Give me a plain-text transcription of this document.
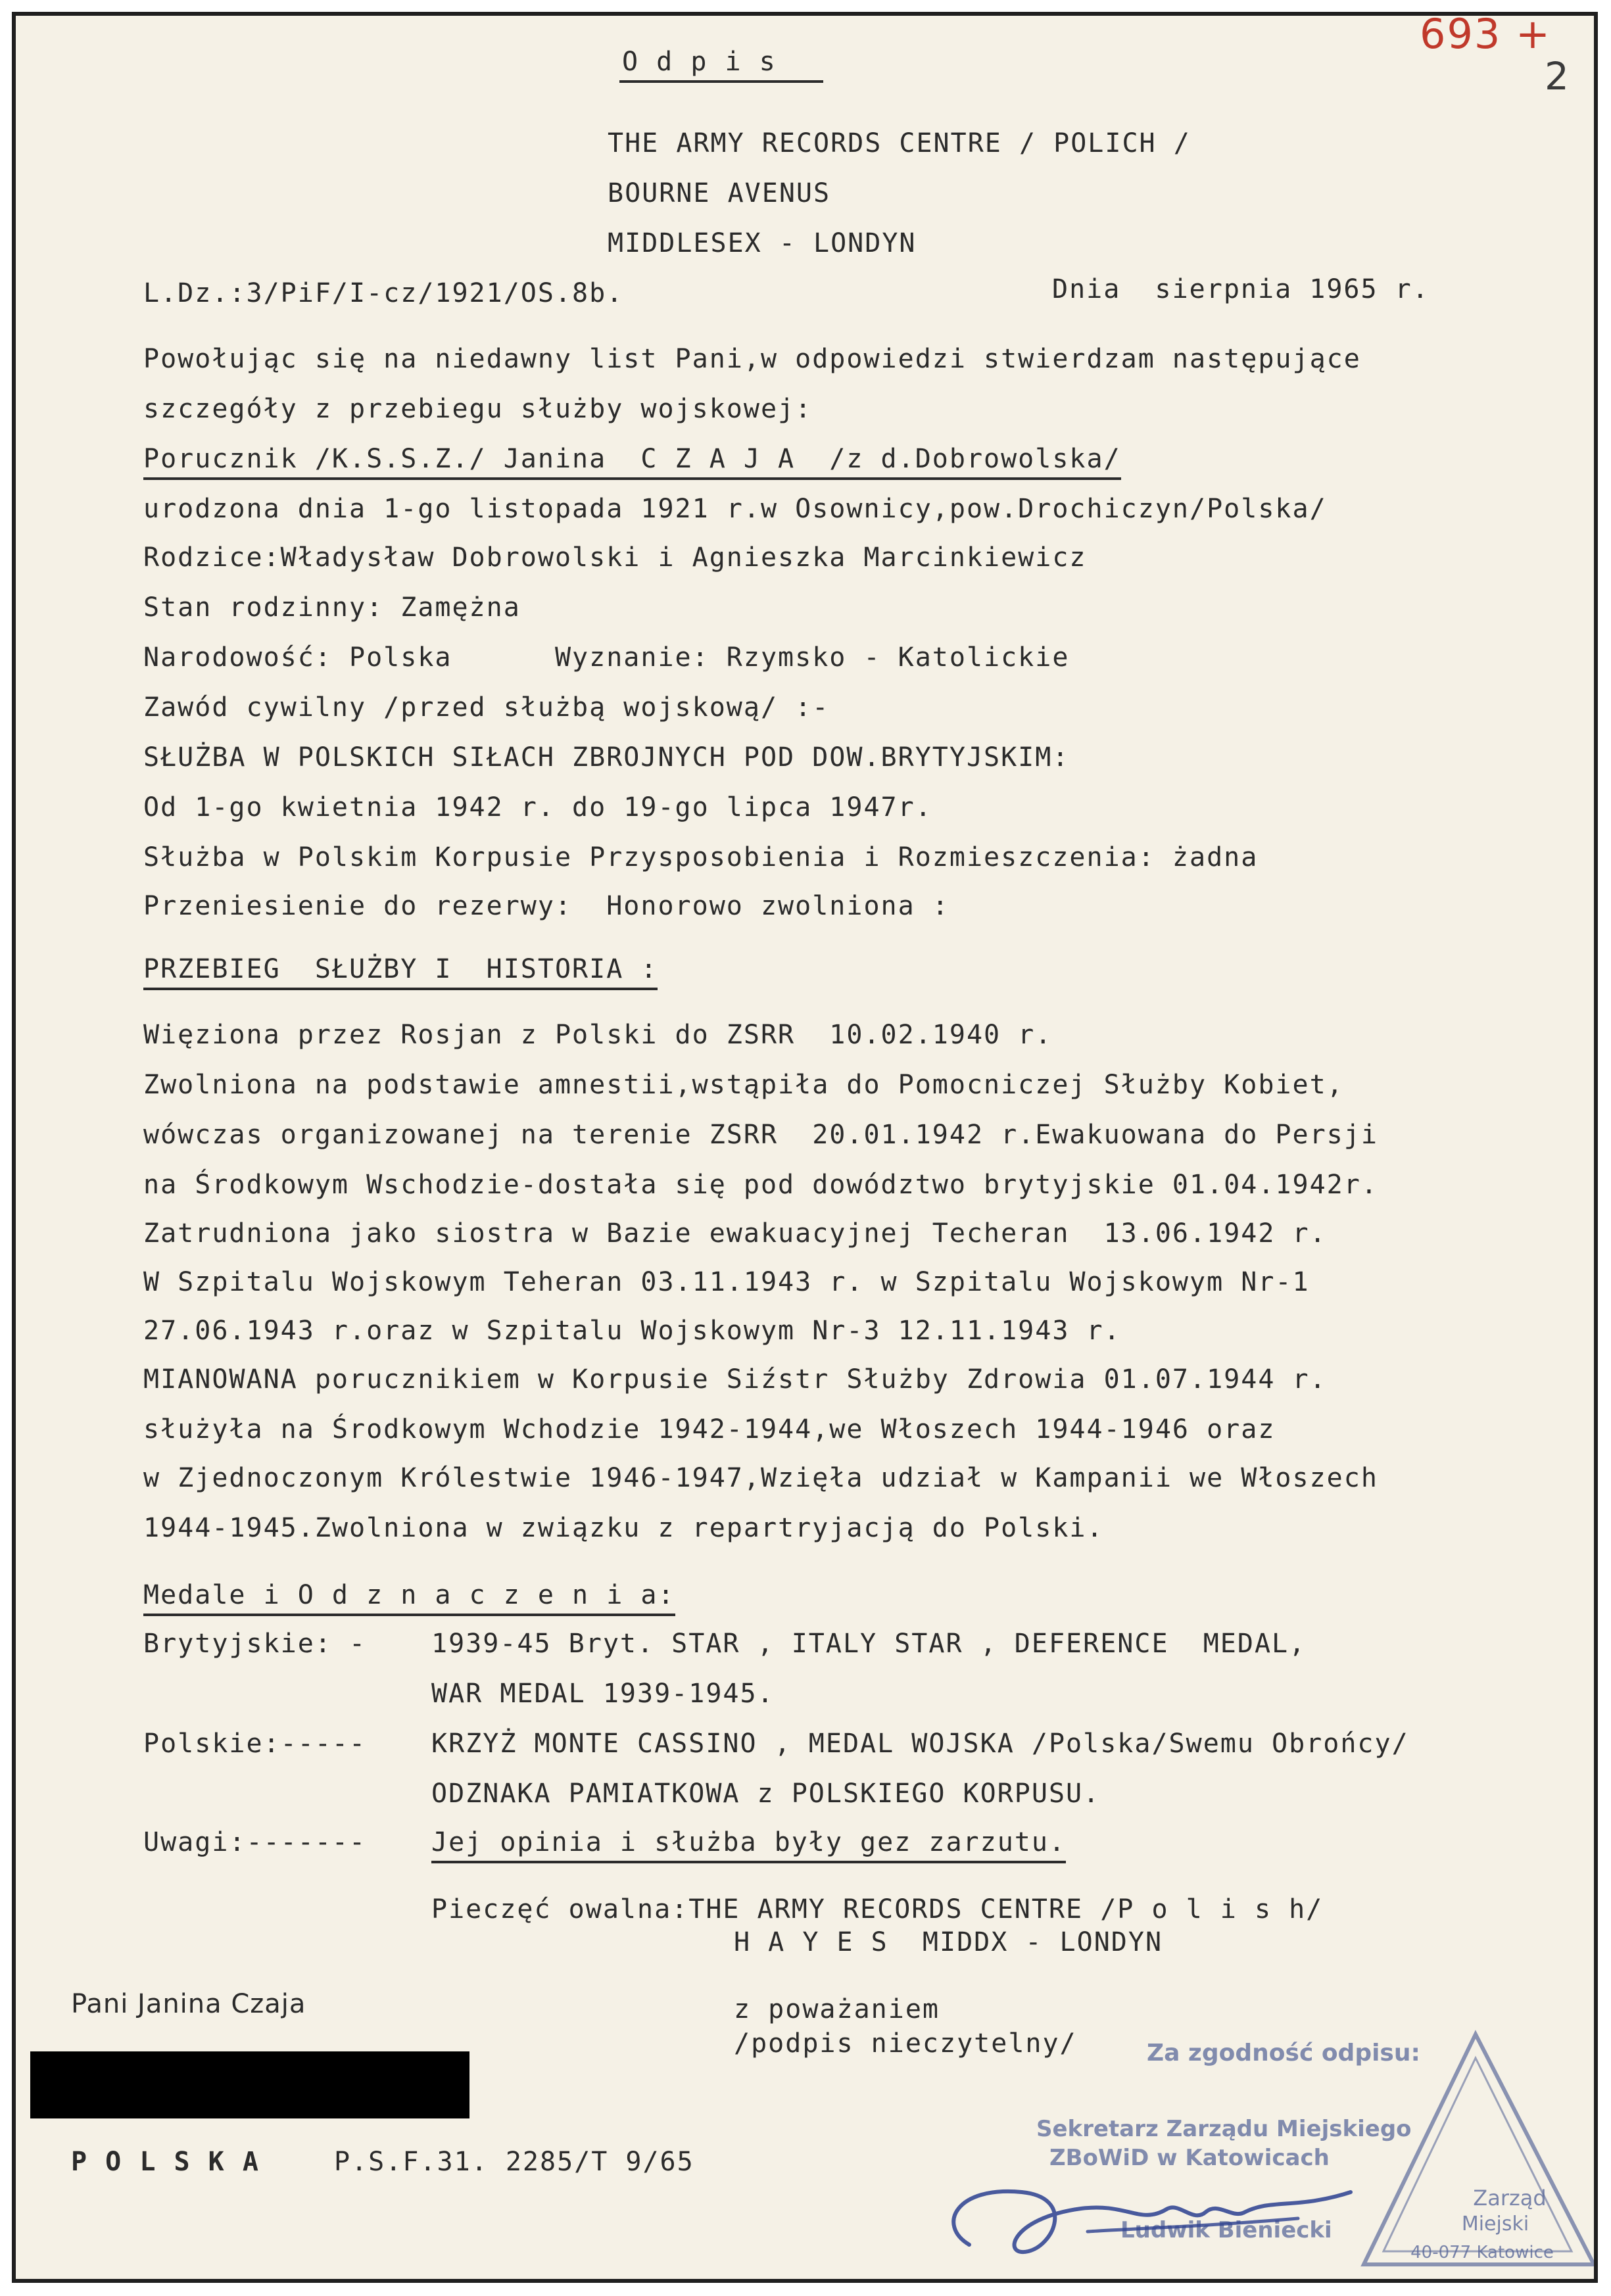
693 +
2
O d p i s
THE ARMY RECORDS CENTRE / POLICH /
BOURNE AVENUS
MIDDLESEX - LONDYN
L.Dz.:3/PiF/I-cz/1921/OS.8b.	Dnia  sierpnia 1965 r.
Powołując się na niedawny list Pani,w odpowiedzi stwierdzam następujące
szczegóły z przebiegu służby wojskowej:
Porucznik /K.S.S.Z./ Janina  C Z A J A  /z d.Dobrowolska/
urodzona dnia 1-go listopada 1921 r.w Osownicy,pow.Drochiczyn/Polska/
Rodzice:Władysław Dobrowolski i Agnieszka Marcinkiewicz
Stan rodzinny: Zamężna
Narodowość: Polska      Wyznanie: Rzymsko - Katolickie
Zawód cywilny /przed służbą wojskową/ :-
SŁUŻBA W POLSKICH SIŁACH ZBROJNYCH POD DOW.BRYTYJSKIM:
Od 1-go kwietnia 1942 r. do 19-go lipca 1947r.
Służba w Polskim Korpusie Przysposobienia i Rozmieszczenia: żadna
Przeniesienie do rezerwy:  Honorowo zwolniona :
PRZEBIEG  SŁUŻBY I  HISTORIA :
Więziona przez Rosjan z Polski do ZSRR  10.02.1940 r.
Zwolniona na podstawie amnestii,wstąpiła do Pomocniczej Służby Kobiet,
wówczas organizowanej na terenie ZSRR  20.01.1942 r.Ewakuowana do Persji
na Środkowym Wschodzie-dostała się pod dowództwo brytyjskie 01.04.1942r.
Zatrudniona jako siostra w Bazie ewakuacyjnej Techeran  13.06.1942 r.
W Szpitalu Wojskowym Teheran 03.11.1943 r. w Szpitalu Wojskowym Nr-1
27.06.1943 r.oraz w Szpitalu Wojskowym Nr-3 12.11.1943 r.
MIANOWANA porucznikiem w Korpusie Siźstr Służby Zdrowia 01.07.1944 r.
służyła na Środkowym Wchodzie 1942-1944,we Włoszech 1944-1946 oraz
w Zjednoczonym Królestwie 1946-1947,Wzięła udział w Kampanii we Włoszech
1944-1945.Zwolniona w związku z repartryjacją do Polski.
Medale i O d z n a c z e n i a:
Brytyjskie: - 1939-45 Bryt. STAR , ITALY STAR , DEFERENCE  MEDAL,
WAR MEDAL 1939-1945.
Polskie:----- KRZYŻ MONTE CASSINO , MEDAL WOJSKA /Polska/Swemu Obrońcy/
ODZNAKA PAMIATKOWA z POLSKIEGO KORPUSU.
Uwagi:------- Jej opinia i służba były gez zarzutu.
Pieczęć owalna:THE ARMY RECORDS CENTRE /P o l i s h/
H A Y E S  MIDDX - LONDYN
Pani Janina Czaja	z poważaniem
/podpis nieczytelny/
P O L S K A	P.S.F.31. 2285/T 9/65
Za zgodność odpisu:
Sekretarz Zarządu Miejskiego
ZBoWiD w Katowicach
Ludwik Bieniecki
Zarząd
Miejski
40-077 Katowice
